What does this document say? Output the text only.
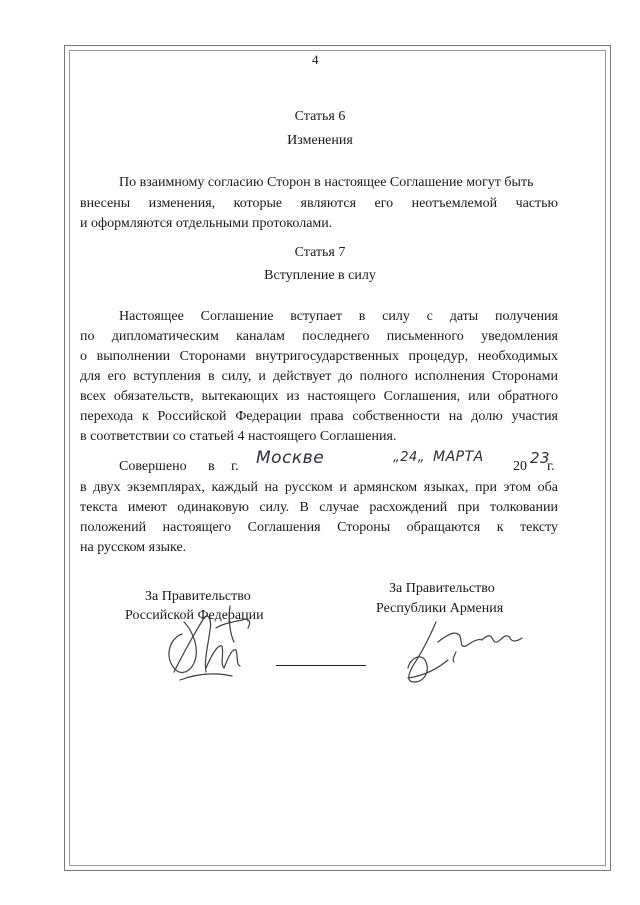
4
Статья 6
Изменения
По взаимному согласию Сторон в настоящее Соглашение могут быть
внесены изменения, которые являются его неотъемлемой частью
и оформляются отдельными протоколами.
Статья 7
Вступление в силу
Настоящее Соглашение вступает в силу с даты получения
по дипломатическим каналам последнего письменного уведомления
о выполнении Сторонами внутригосударственных процедур, необходимых
для его вступления в силу, и действует до полного исполнения Сторонами
всех обязательств, вытекающих из настоящего Соглашения, или обратного
перехода к Российской Федерации права собственности на долю участия
в соответствии со статьей 4 настоящего Соглашения.
Совершено в г. Москве	„24„ МАРТА
20 23
г.
в двух экземплярах, каждый на русском и армянском языках, при этом оба
текста имеют одинаковую силу. В случае расхождений при толковании
положений настоящего Соглашения Стороны обращаются к тексту
на русском языке.
За Правительство
Российской Федерации
За Правительство
Республики Армения
